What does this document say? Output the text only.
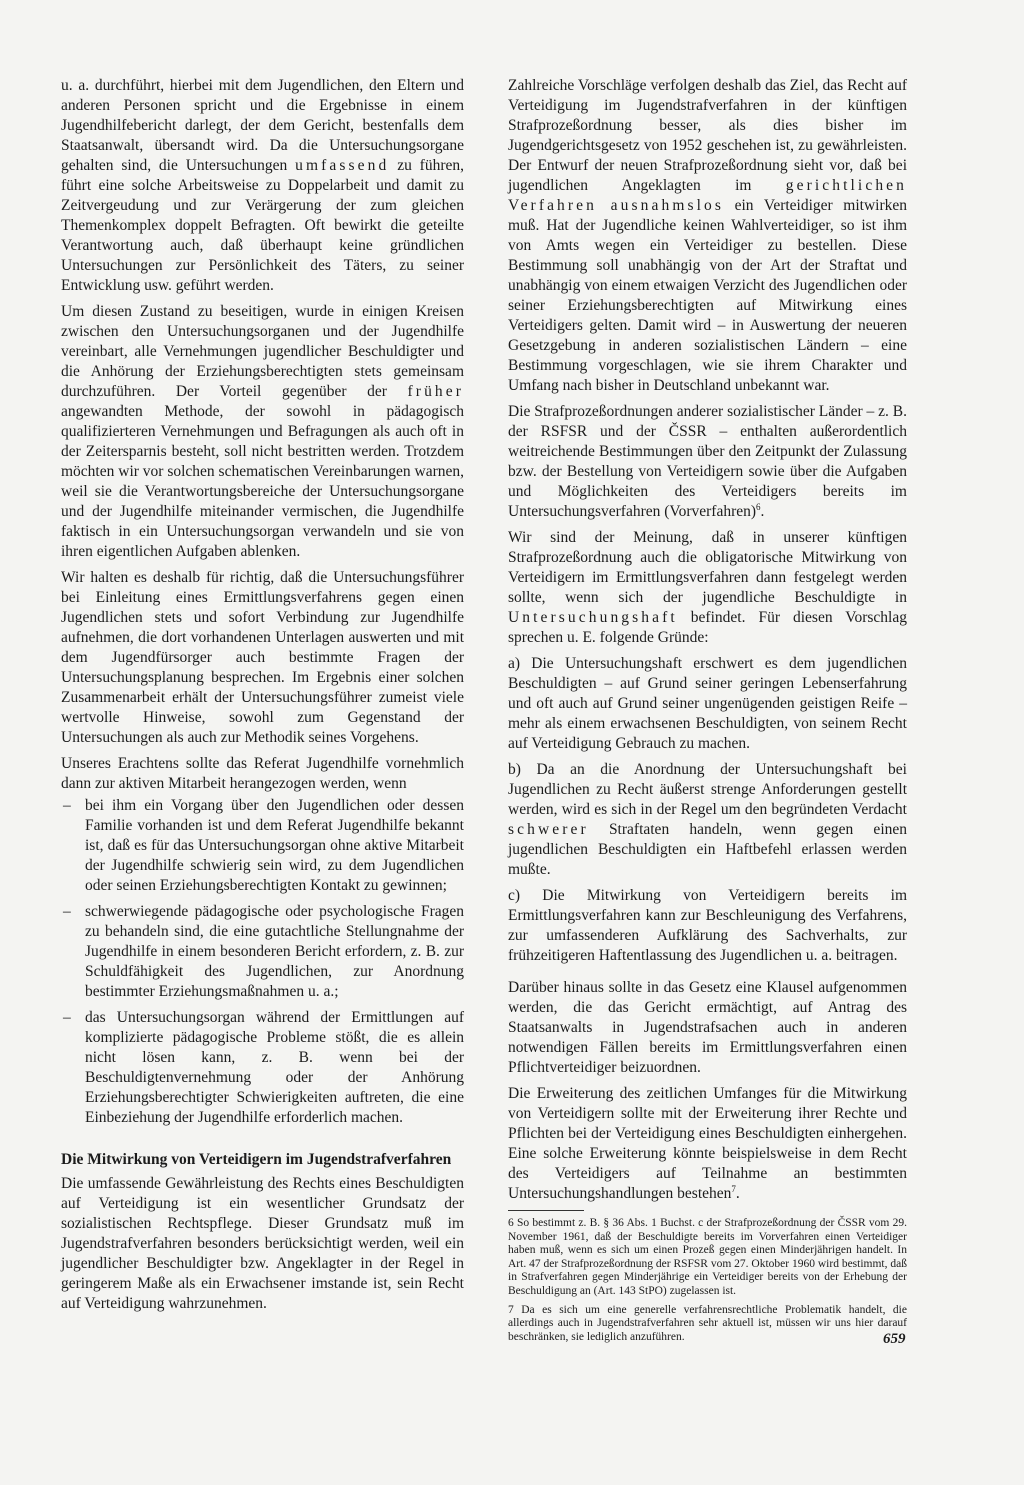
u. a. durchführt, hierbei mit dem Jugendlichen, den Eltern und anderen Personen spricht und die Ergebnisse in einem Jugendhilfebericht darlegt, der dem Gericht, bestenfalls dem Staatsanwalt, übersandt wird. Da die Untersuchungsorgane gehalten sind, die Untersuchungen umfassend zu führen, führt eine solche Arbeitsweise zu Doppelarbeit und damit zu Zeitvergeudung und zur Verärgerung der zum gleichen Themenkomplex doppelt Befragten. Oft bewirkt die geteilte Verantwortung auch, daß überhaupt keine gründlichen Untersuchungen zur Persönlichkeit des Täters, zu seiner Entwicklung usw. geführt werden.

Um diesen Zustand zu beseitigen, wurde in einigen Kreisen zwischen den Untersuchungsorganen und der Jugendhilfe vereinbart, alle Vernehmungen jugendlicher Beschuldigter und die Anhörung der Erziehungsberechtigten stets gemeinsam durchzuführen. Der Vorteil gegenüber der früher angewandten Methode, der sowohl in pädagogisch qualifizierteren Vernehmungen und Befragungen als auch oft in der Zeitersparnis besteht, soll nicht bestritten werden. Trotzdem möchten wir vor solchen schematischen Vereinbarungen warnen, weil sie die Verantwortungsbereiche der Untersuchungsorgane und der Jugendhilfe miteinander vermischen, die Jugendhilfe faktisch in ein Untersuchungsorgan verwandeln und sie von ihren eigentlichen Aufgaben ablenken.

Wir halten es deshalb für richtig, daß die Untersuchungsführer bei Einleitung eines Ermittlungsverfahrens gegen einen Jugendlichen stets und sofort Verbindung zur Jugendhilfe aufnehmen, die dort vorhandenen Unterlagen auswerten und mit dem Jugendfürsorger auch bestimmte Fragen der Untersuchungsplanung besprechen. Im Ergebnis einer solchen Zusammenarbeit erhält der Untersuchungsführer zumeist viele wertvolle Hinweise, sowohl zum Gegenstand der Untersuchungen als auch zur Methodik seines Vorgehens.

Unseres Erachtens sollte das Referat Jugendhilfe vornehmlich dann zur aktiven Mitarbeit herangezogen werden, wenn

– bei ihm ein Vorgang über den Jugendlichen oder dessen Familie vorhanden ist und dem Referat Jugendhilfe bekannt ist, daß es für das Untersuchungsorgan ohne aktive Mitarbeit der Jugendhilfe schwierig sein wird, zu dem Jugendlichen oder seinen Erziehungsberechtigten Kontakt zu gewinnen;
– schwerwiegende pädagogische oder psychologische Fragen zu behandeln sind, die eine gutachtliche Stellungnahme der Jugendhilfe in einem besonderen Bericht erfordern, z. B. zur Schuldfähigkeit des Jugendlichen, zur Anordnung bestimmter Erziehungsmaßnahmen u. a.;
– das Untersuchungsorgan während der Ermittlungen auf komplizierte pädagogische Probleme stößt, die es allein nicht lösen kann, z. B. wenn bei der Beschuldigtenvernehmung oder der Anhörung Erziehungsberechtigter Schwierigkeiten auftreten, die eine Einbeziehung der Jugendhilfe erforderlich machen.
Die Mitwirkung von Verteidigern im Jugendstrafverfahren

Die umfassende Gewährleistung des Rechts eines Beschuldigten auf Verteidigung ist ein wesentlicher Grundsatz der sozialistischen Rechtspflege. Dieser Grundsatz muß im Jugendstrafverfahren besonders berücksichtigt werden, weil ein jugendlicher Beschuldigter bzw. Angeklagter in der Regel in geringerem Maße als ein Erwachsener imstande ist, sein Recht auf Verteidigung wahrzunehmen.

Zahlreiche Vorschläge verfolgen deshalb das Ziel, das Recht auf Verteidigung im Jugendstrafverfahren in der künftigen Strafprozeßordnung besser, als dies bisher im Jugendgerichtsgesetz von 1952 geschehen ist, zu gewährleisten. Der Entwurf der neuen Strafprozeßordnung sieht vor, daß bei jugendlichen Angeklagten im gerichtlichen Verfahren ausnahmslos ein Verteidiger mitwirken muß. Hat der Jugendliche keinen Wahlverteidiger, so ist ihm von Amts wegen ein Verteidiger zu bestellen. Diese Bestimmung soll unabhängig von der Art der Straftat und unabhängig von einem etwaigen Verzicht des Jugendlichen oder seiner Erziehungsberechtigten auf Mitwirkung eines Verteidigers gelten. Damit wird – in Auswertung der neueren Gesetzgebung in anderen sozialistischen Ländern – eine Bestimmung vorgeschlagen, wie sie ihrem Charakter und Umfang nach bisher in Deutschland unbekannt war.

Die Strafprozeßordnungen anderer sozialistischer Länder – z. B. der RSFSR und der ČSSR – enthalten außerordentlich weitreichende Bestimmungen über den Zeitpunkt der Zulassung bzw. der Bestellung von Verteidigern sowie über die Aufgaben und Möglichkeiten des Verteidigers bereits im Untersuchungsverfahren (Vorverfahren)$^6$.

Wir sind der Meinung, daß in unserer künftigen Strafprozeßordnung auch die obligatorische Mitwirkung von Verteidigern im Ermittlungsverfahren dann festgelegt werden sollte, wenn sich der jugendliche Beschuldigte in Untersuchungshaft befindet. Für diesen Vorschlag sprechen u. E. folgende Gründe:

a) Die Untersuchungshaft erschwert es dem jugendlichen Beschuldigten – auf Grund seiner geringen Lebenserfahrung und oft auch auf Grund seiner ungenügenden geistigen Reife – mehr als einem erwachsenen Beschuldigten, von seinem Recht auf Verteidigung Gebrauch zu machen.

b) Da an die Anordnung der Untersuchungshaft bei Jugendlichen zu Recht äußerst strenge Anforderungen gestellt werden, wird es sich in der Regel um den begründeten Verdacht schwerer Straftaten handeln, wenn gegen einen jugendlichen Beschuldigten ein Haftbefehl erlassen werden mußte.

c) Die Mitwirkung von Verteidigern bereits im Ermittlungsverfahren kann zur Beschleunigung des Verfahrens, zur umfassenderen Aufklärung des Sachverhalts, zur frühzeitigeren Haftentlassung des Jugendlichen u. a. beitragen.

Darüber hinaus sollte in das Gesetz eine Klausel aufgenommen werden, die das Gericht ermächtigt, auf Antrag des Staatsanwalts in Jugendstrafsachen auch in anderen notwendigen Fällen bereits im Ermittlungsverfahren einen Pflichtverteidiger beizuordnen.

Die Erweiterung des zeitlichen Umfanges für die Mitwirkung von Verteidigern sollte mit der Erweiterung ihrer Rechte und Pflichten bei der Verteidigung eines Beschuldigten einhergehen. Eine solche Erweiterung könnte beispielsweise in dem Recht des Verteidigers auf Teilnahme an bestimmten Untersuchungshandlungen bestehen$^7$.

6 So bestimmt z. B. § 36 Abs. 1 Buchst. c der Strafprozeßordnung der ČSSR vom 29. November 1961, daß der Beschuldigte bereits im Vorverfahren einen Verteidiger haben muß, wenn es sich um einen Prozeß gegen einen Minderjährigen handelt. In Art. 47 der Strafprozeßordnung der RSFSR vom 27. Oktober 1960 wird bestimmt, daß in Strafverfahren gegen Minderjährige ein Verteidiger bereits von der Erhebung der Beschuldigung an (Art. 143 StPO) zugelassen ist.

7 Da es sich um eine generelle verfahrensrechtliche Problematik handelt, die allerdings auch in Jugendstrafverfahren sehr aktuell ist, müssen wir uns hier darauf beschränken, sie lediglich anzuführen.	659
